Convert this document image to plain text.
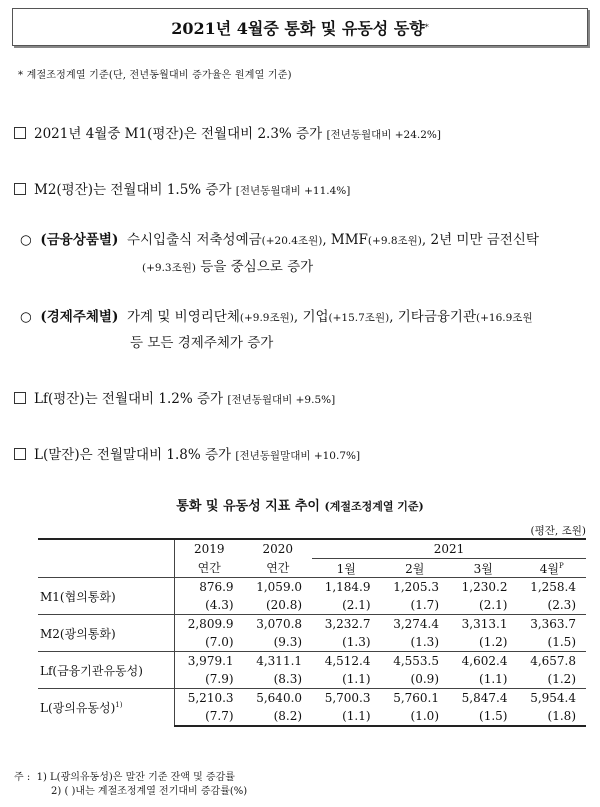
2021년 4월중 통화 및 유동성 동향 *
* 계절조정계열 기준(단, 전년동월대비 증가율은 원계열 기준)
2021년 4월중 M1(평잔)은 전월대비 2.3% 증가 [전년동월대비 +24.2%]
M2(평잔)는 전월대비 1.5% 증가 [전년동월대비 +11.4%]
○ (금융상품별) 수시입출식 저축성예금(+20.4조원), MMF(+9.8조원), 2년 미만 금전신탁
(+9.3조원) 등을 중심으로 증가
○ (경제주체별) 가계 및 비영리단체(+9.9조원), 기업(+15.7조원), 기타금융기관(+16.9조원
등 모든 경제주체가 증가
Lf(평잔)는 전월대비 1.2% 증가 [전년동월대비 +9.5%]
L(말잔)은 전월말대비 1.8% 증가 [전년동월말대비 +10.7%]
통화 및 유동성 지표 추이 (계절조정계열 기준)
(평잔, 조원)
	2019	2020	2021			
	연간	연간	1월	2월	3월	4월$^P$
M1(협의통화)	876.9	1,059.0	1,184.9	1,205.3	1,230.2	1,258.4
	(4.3)	(20.8)	(2.1)	(1.7)	(2.1)	(2.3)
M2(광의통화)	2,809.9	3,070.8	3,232.7	3,274.4	3,313.1	3,363.7
	(7.0)	(9.3)	(1.3)	(1.3)	(1.2)	(1.5)
Lf(금융기관유동성)	3,979.1	4,311.1	4,512.4	4,553.5	4,602.4	4,657.8
	(7.9)	(8.3)	(1.1)	(0.9)	(1.1)	(1.2)
L(광의유동성)$^{1)}$	5,210.3	5,640.0	5,700.3	5,760.1	5,847.4	5,954.4
	(7.7)	(8.2)	(1.1)	(1.0)	(1.5)	(1.8)
주 : 1) L(광의유동성)은 말잔 기준 잔액 및 증감률
2) ( )내는 계절조정계열 전기대비 증감률(%)
